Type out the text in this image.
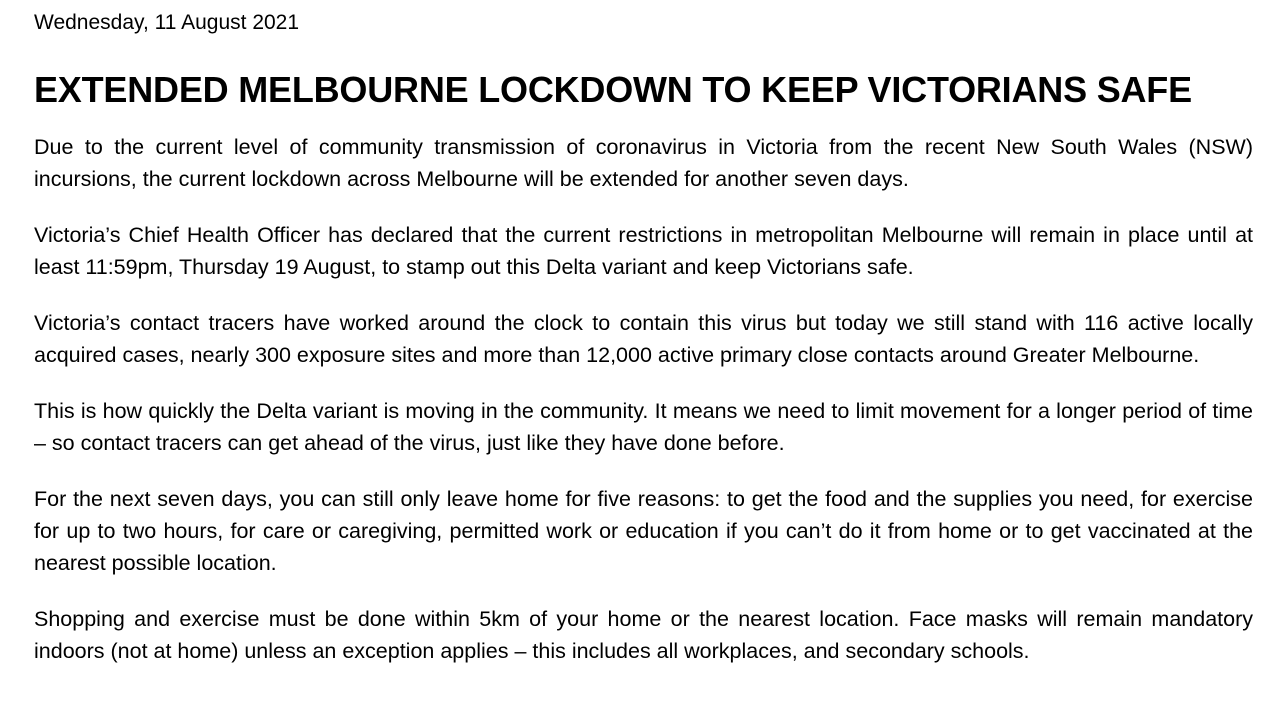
Wednesday, 11 August 2021

EXTENDED MELBOURNE LOCKDOWN TO KEEP VICTORIANS SAFE

Due to the current level of community transmission of coronavirus in Victoria from the recent New South Wales (NSW) incursions, the current lockdown across Melbourne will be extended for another seven days.

Victoria’s Chief Health Officer has declared that the current restrictions in metropolitan Melbourne will remain in place until at least 11:59pm, Thursday 19 August, to stamp out this Delta variant and keep Victorians safe.

Victoria’s contact tracers have worked around the clock to contain this virus but today we still stand with 116 active locally acquired cases, nearly 300 exposure sites and more than 12,000 active primary close contacts around Greater Melbourne.

This is how quickly the Delta variant is moving in the community. It means we need to limit movement for a longer period of time – so contact tracers can get ahead of the virus, just like they have done before.

For the next seven days, you can still only leave home for five reasons: to get the food and the supplies you need, for exercise for up to two hours, for care or caregiving, permitted work or education if you can’t do it from home or to get vaccinated at the nearest possible location.

Shopping and exercise must be done within 5km of your home or the nearest location. Face masks will remain mandatory indoors (not at home) unless an exception applies – this includes all workplaces, and secondary schools.
